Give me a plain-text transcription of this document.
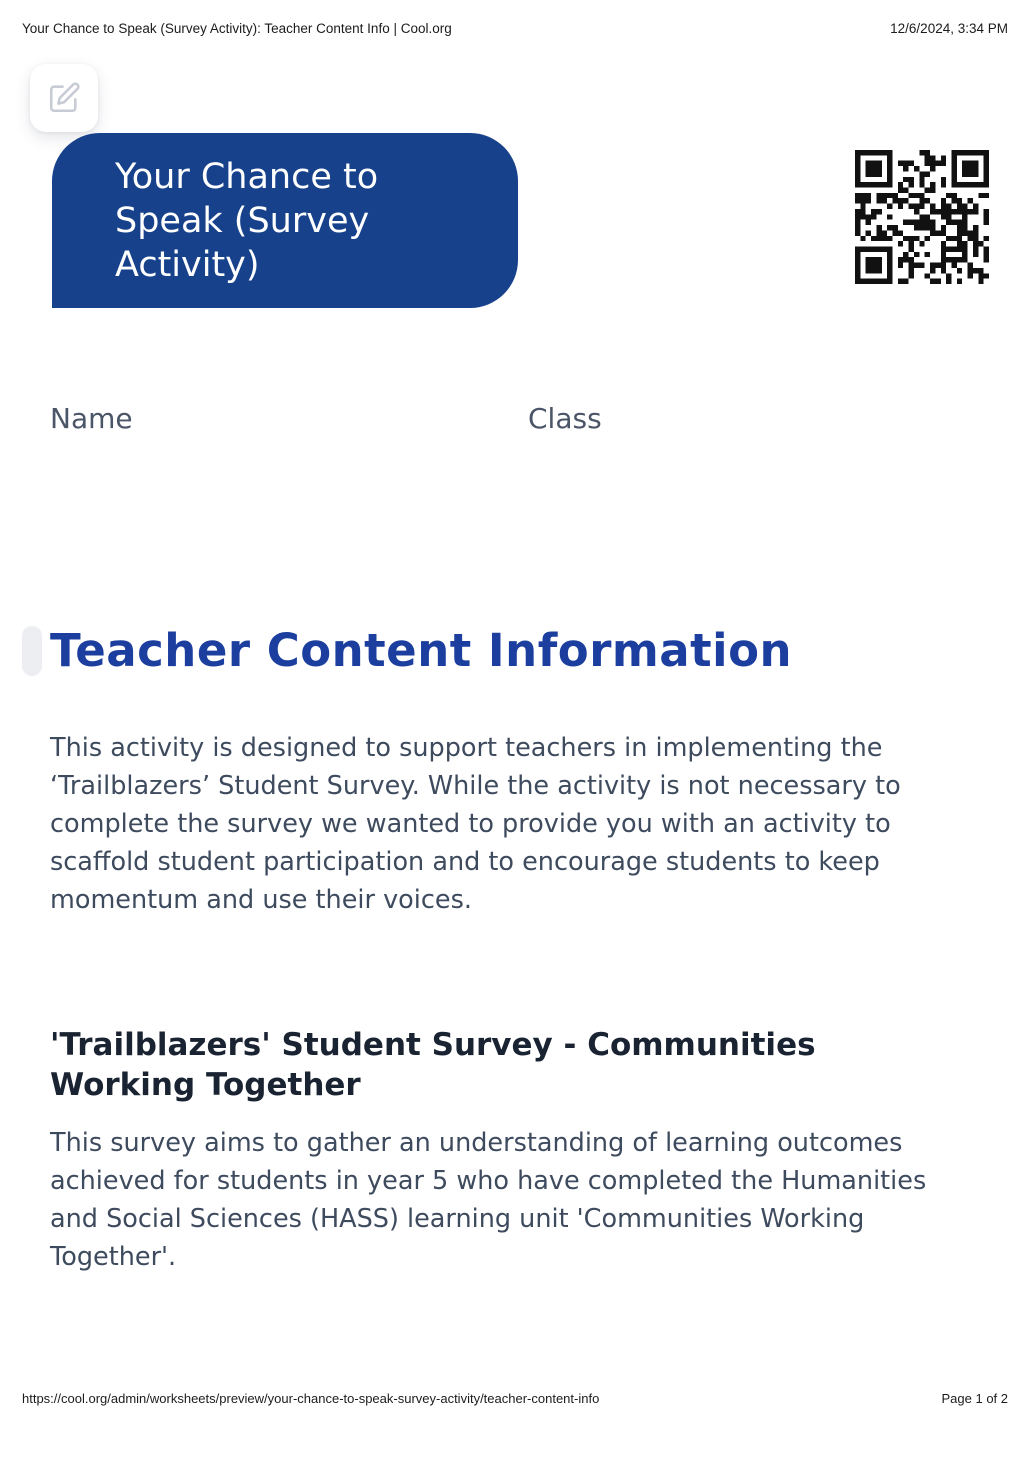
Your Chance to Speak (Survey Activity): Teacher Content Info | Cool.org	12/6/2024, 3:34 PM
Your Chance to Speak (Survey Activity)
Name	Class
Teacher Content Information

This activity is designed to support teachers in implementing the ‘Trailblazers’ Student Survey. While the activity is not necessary to complete the survey we wanted to provide you with an activity to scaffold student participation and to encourage students to keep momentum and use their voices.

'Trailblazers' Student Survey - Communities Working Together

This survey aims to gather an understanding of learning outcomes achieved for students in year 5 who have completed the Humanities and Social Sciences (HASS) learning unit 'Communities Working Together'.

https://cool.org/admin/worksheets/preview/your-chance-to-speak-survey-activity/teacher-content-info	Page 1 of 2
